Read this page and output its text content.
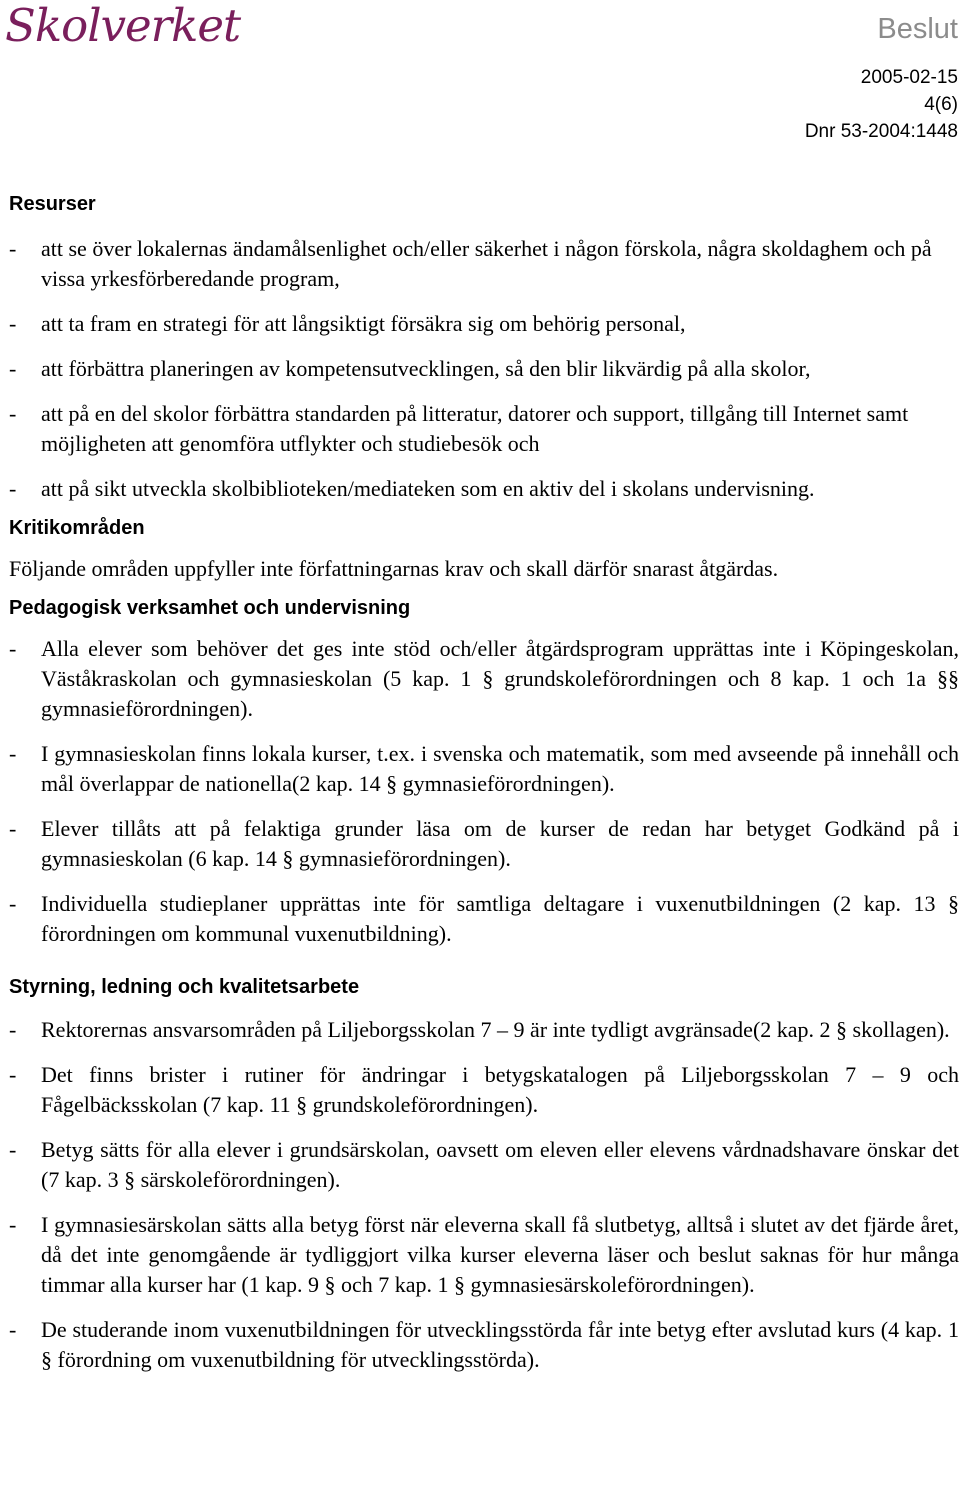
Skolverket	Beslut
2005-02-15
4(6)
Dnr 53-2004:1448
Resurser
- att se över lokalernas ändamålsenlighet och/eller säkerhet i någon förskola, några skoldaghem och på vissa yrkesförberedande program,
- att ta fram en strategi för att långsiktigt försäkra sig om behörig personal,
- att förbättra planeringen av kompetensutvecklingen, så den blir likvärdig på alla skolor,
- att på en del skolor förbättra standarden på litteratur, datorer och support, tillgång till Internet samt möjligheten att genomföra utflykter och studiebesök och
- att på sikt utveckla skolbiblioteken/mediateken som en aktiv del i skolans undervisning.
Kritikområden

Följande områden uppfyller inte författningarnas krav och skall därför snarast åtgärdas.

Pedagogisk verksamhet och undervisning
- Alla elever som behöver det ges inte stöd och/eller åtgärdsprogram upprättas inte i Köpingeskolan, Väståkraskolan och gymnasieskolan (5 kap. 1 § grundskoleförordningen och 8 kap. 1 och 1a §§ gymnasieförordningen).
- I gymnasieskolan finns lokala kurser, t.ex. i svenska och matematik, som med avseende på innehåll och mål överlappar de nationella(2 kap. 14 § gymnasieförordningen).
- Elever tillåts att på felaktiga grunder läsa om de kurser de redan har betyget Godkänd på i gymnasieskolan (6 kap. 14 § gymnasieförordningen).
- Individuella studieplaner upprättas inte för samtliga deltagare i vuxenutbildningen (2 kap. 13 § förordningen om kommunal vuxenutbildning).
Styrning, ledning och kvalitetsarbete
- Rektorernas ansvarsområden på Liljeborgsskolan 7 – 9 är inte tydligt avgränsade(2 kap. 2 § skollagen).
- Det finns brister i rutiner för ändringar i betygskatalogen på Liljeborgsskolan 7 – 9 och Fågelbäcksskolan (7 kap. 11 § grundskoleförordningen).
- Betyg sätts för alla elever i grundsärskolan, oavsett om eleven eller elevens vårdnadshavare önskar det (7 kap. 3 § särskoleförordningen).
- I gymnasiesärskolan sätts alla betyg först när eleverna skall få slutbetyg, alltså i slutet av det fjärde året, då det inte genomgående är tydliggjort vilka kurser eleverna läser och beslut saknas för hur många timmar alla kurser har (1 kap. 9 § och 7 kap. 1 § gymnasiesärskoleförordningen).
- De studerande inom vuxenutbildningen för utvecklingsstörda får inte betyg efter avslutad kurs (4 kap. 1 § förordning om vuxenutbildning för utvecklingsstörda).
